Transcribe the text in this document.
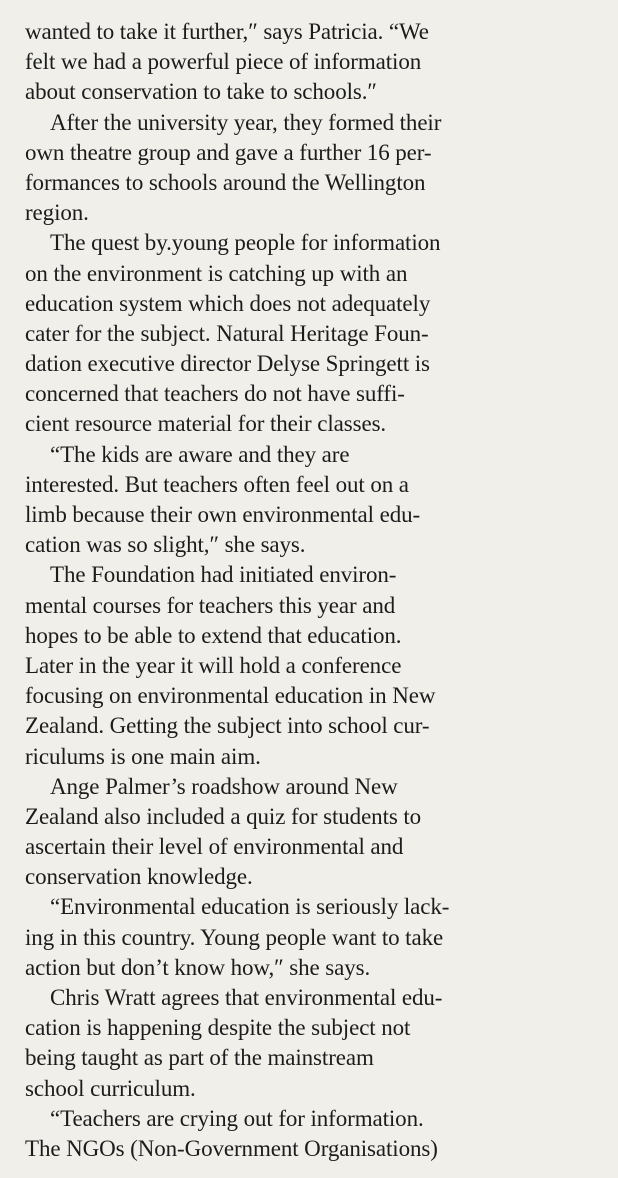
wanted to take it further,″ says Patricia. “We
felt we had a powerful piece of information
about conservation to take to schools.″
After the university year, they formed their
own theatre group and gave a further 16 per-
formances to schools around the Wellington
region.
The quest by.young people for information
on the environment is catching up with an
education system which does not adequately
cater for the subject. Natural Heritage Foun-
dation executive director Delyse Springett is
concerned that teachers do not have suffi-
cient resource material for their classes.
“The kids are aware and they are
interested. But teachers often feel out on a
limb because their own environmental edu-
cation was so slight,″ she says.
The Foundation had initiated environ-
mental courses for teachers this year and
hopes to be able to extend that education.
Later in the year it will hold a conference
focusing on environmental education in New
Zealand. Getting the subject into school cur-
riculums is one main aim.
Ange Palmer’s roadshow around New
Zealand also included a quiz for students to
ascertain their level of environmental and
conservation knowledge.
“Environmental education is seriously lack-
ing in this country. Young people want to take
action but don’t know how,″ she says.
Chris Wratt agrees that environmental edu-
cation is happening despite the subject not
being taught as part of the mainstream
school curriculum.
“Teachers are crying out for information.
The NGOs (Non-Government Organisations)
